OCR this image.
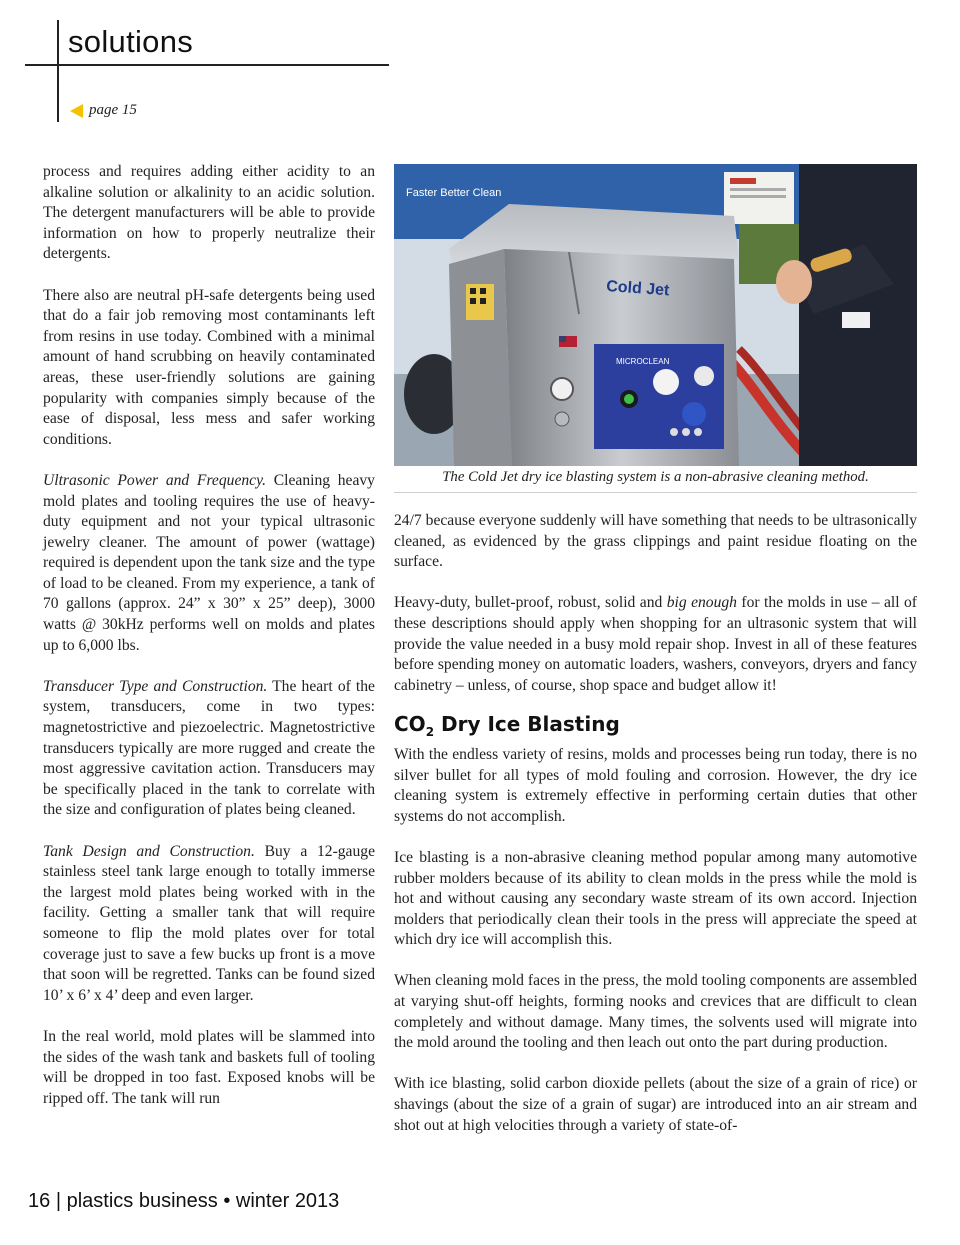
solutions
page 15

process and requires adding either acidity to an alkaline solution or alkalinity to an acidic solution. The detergent manufacturers will be able to provide information on how to properly neutralize their detergents.

There also are neutral pH-safe detergents being used that do a fair job removing most contaminants left from resins in use today. Combined with a minimal amount of hand scrubbing on heavily contaminated areas, these user-friendly solutions are gaining popularity with companies simply because of the ease of disposal, less mess and safer working conditions.

Ultrasonic Power and Frequency. Cleaning heavy mold plates and tooling requires the use of heavy-duty equipment and not your typical ultrasonic jewelry cleaner. The amount of power (wattage) required is dependent upon the tank size and the type of load to be cleaned. From my experience, a tank of 70 gallons (approx. 24” x 30” x 25” deep), 3000 watts @ 30kHz performs well on molds and plates up to 6,000 lbs.

Transducer Type and Construction. The heart of the system, transducers, come in two types: magnetostrictive and piezoelectric. Magnetostrictive transducers typically are more rugged and create the most aggressive cavitation action. Transducers may be specifically placed in the tank to correlate with the size and configuration of plates being cleaned.

Tank Design and Construction. Buy a 12-gauge stainless steel tank large enough to totally immerse the largest mold plates being worked with in the facility. Getting a smaller tank that will require someone to flip the mold plates over for total coverage just to save a few bucks up front is a move that soon will be regretted. Tanks can be found sized 10’ x 6’ x 4’ deep and even larger.

In the real world, mold plates will be slammed into the sides of the wash tank and baskets full of tooling will be dropped in too fast. Exposed knobs will be ripped off. The tank will run

Faster Better Clean
Cold Jet
MICROCLEAN
The Cold Jet dry ice blasting system is a non-abrasive cleaning method.

24/7 because everyone suddenly will have something that needs to be ultrasonically cleaned, as evidenced by the grass clippings and paint residue floating on the surface.

Heavy-duty, bullet-proof, robust, solid and big enough for the molds in use – all of these descriptions should apply when shopping for an ultrasonic system that will provide the value needed in a busy mold repair shop. Invest in all of these features before spending money on automatic loaders, washers, conveyors, dryers and fancy cabinetry – unless, of course, shop space and budget allow it!

$CO_2$ Dry Ice Blasting

With the endless variety of resins, molds and processes being run today, there is no silver bullet for all types of mold fouling and corrosion. However, the dry ice cleaning system is extremely effective in performing certain duties that other systems do not accomplish.

Ice blasting is a non-abrasive cleaning method popular among many automotive rubber molders because of its ability to clean molds in the press while the mold is hot and without causing any secondary waste stream of its own accord. Injection molders that periodically clean their tools in the press will appreciate the speed at which dry ice will accomplish this.

When cleaning mold faces in the press, the mold tooling components are assembled at varying shut-off heights, forming nooks and crevices that are difficult to clean completely and without damage. Many times, the solvents used will migrate into the mold around the tooling and then leach out onto the part during production.

With ice blasting, solid carbon dioxide pellets (about the size of a grain of rice) or shavings (about the size of a grain of sugar) are introduced into an air stream and shot out at high velocities through a variety of state-of-

16 | plastics business • winter 2013
